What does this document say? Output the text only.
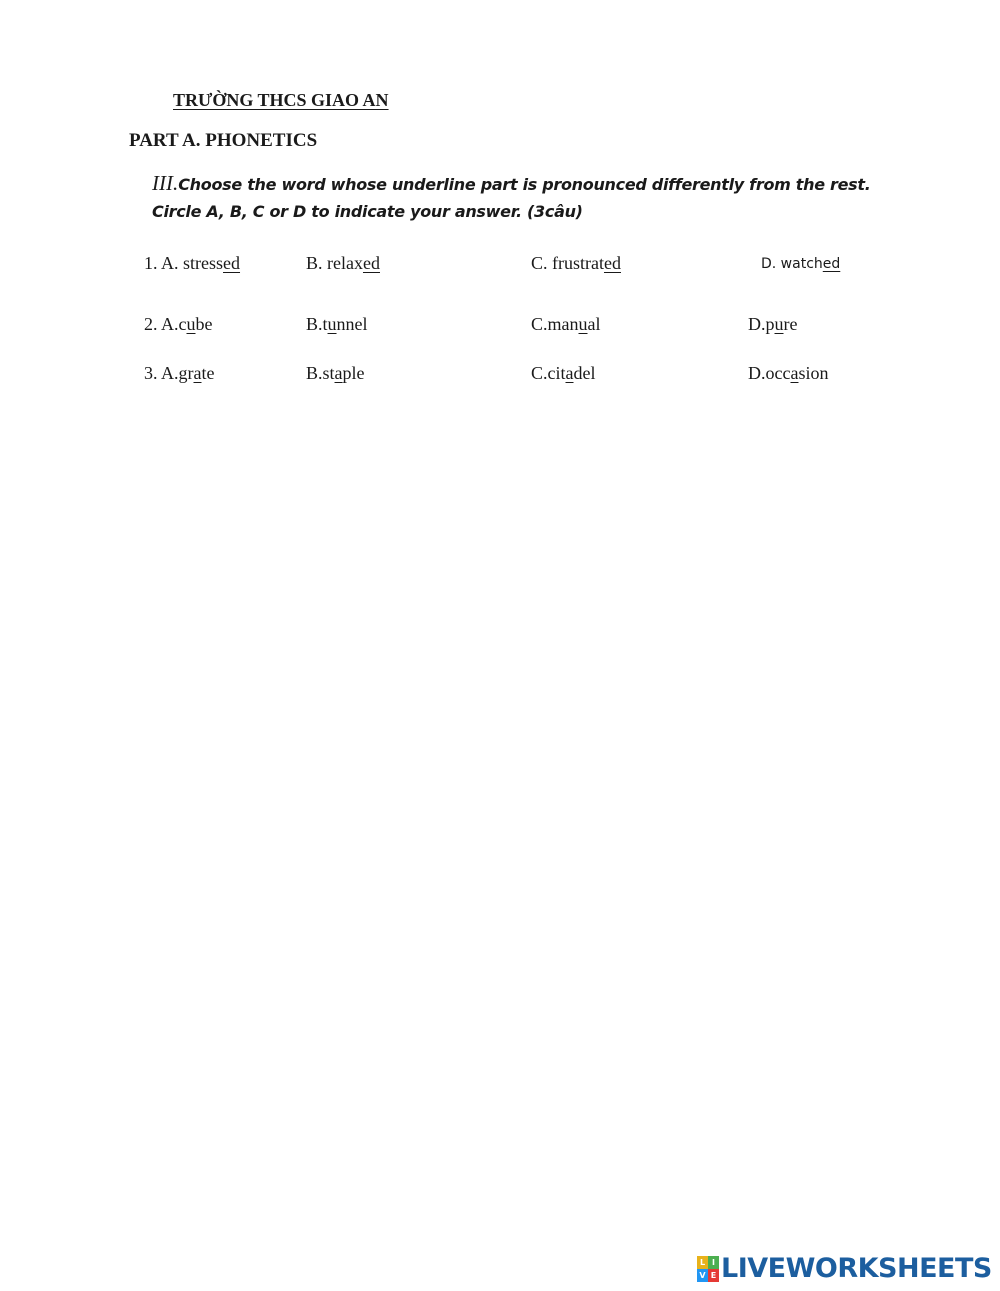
TRƯỜNG THCS GIAO AN
PART A. PHONETICS
III.Choose the word whose underline part is pronounced differently from the rest. Circle A, B, C or D to indicate your answer. (3câu)
1. A. stressed	B. relaxed	C. frustrated	D. watched
2. A.cube	B.tunnel	C.manual	D.pure
3. A.grate	B.staple	C.citadel	D.occasion
L I
V E LIVEWORKSHEETS
